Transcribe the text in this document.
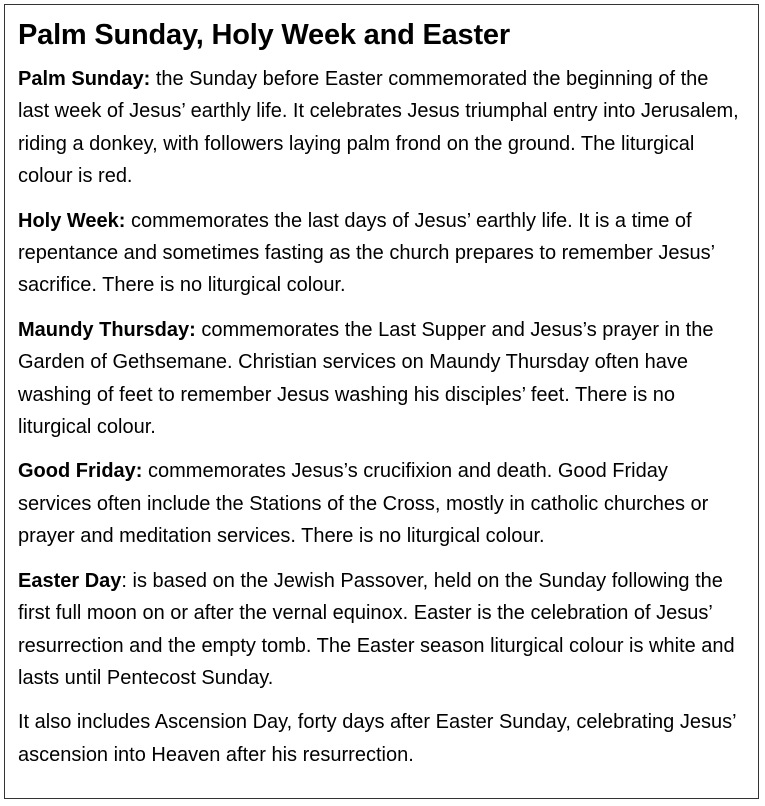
Palm Sunday, Holy Week and Easter

Palm Sunday: the Sunday before Easter commemorated the beginning of the last week of Jesus’ earthly life. It celebrates Jesus triumphal entry into Jerusalem, riding a donkey, with followers laying palm frond on the ground. The liturgical colour is red.

Holy Week: commemorates the last days of Jesus’ earthly life. It is a time of repentance and sometimes fasting as the church prepares to remember Jesus’ sacrifice. There is no liturgical colour.

Maundy Thursday: commemorates the Last Supper and Jesus’s prayer in the Garden of Gethsemane. Christian services on Maundy Thursday often have washing of feet to remember Jesus washing his disciples’ feet. There is no liturgical colour.

Good Friday: commemorates Jesus’s crucifixion and death. Good Friday services often include the Stations of the Cross, mostly in catholic churches or prayer and meditation services. There is no liturgical colour.

Easter Day: is based on the Jewish Passover, held on the Sunday following the first full moon on or after the vernal equinox. Easter is the celebration of Jesus’ resurrection and the empty tomb. The Easter season liturgical colour is white and lasts until Pentecost Sunday.

It also includes Ascension Day, forty days after Easter Sunday, celebrating Jesus’ ascension into Heaven after his resurrection.
